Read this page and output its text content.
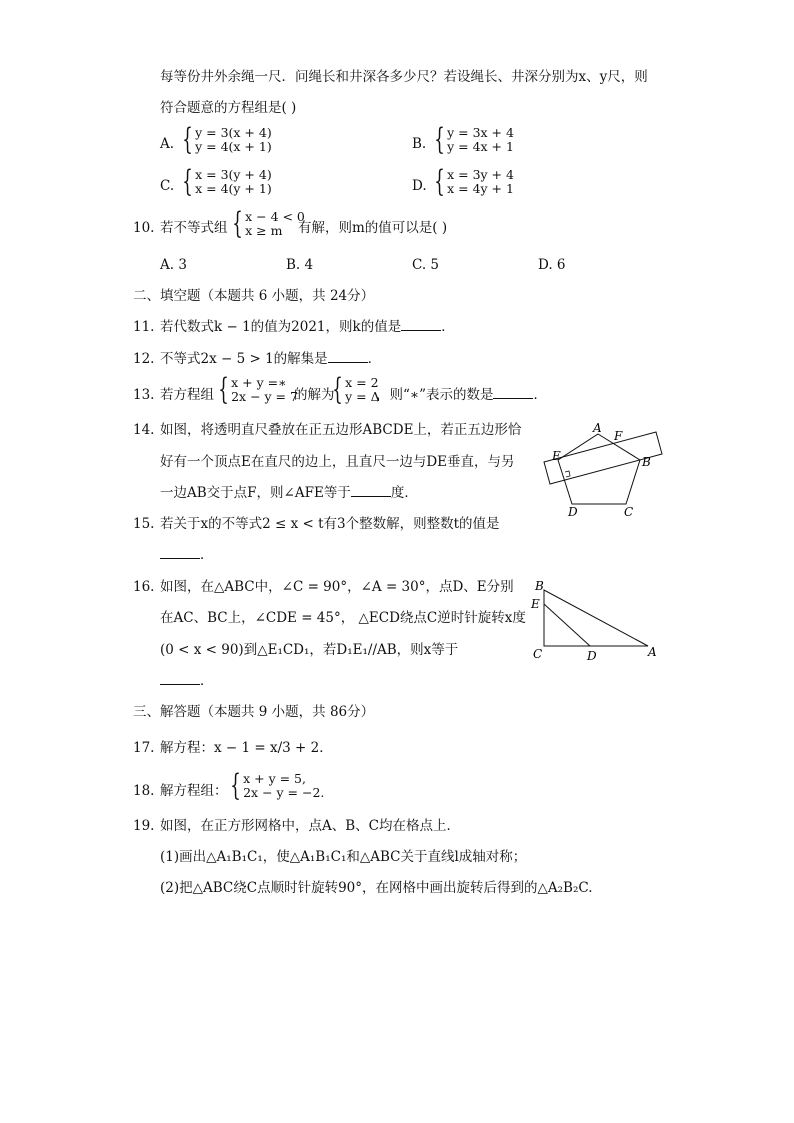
每等份井外余绳一尺．问绳长和井深各多少尺？若设绳长、井深分别为x、y尺，则
符合题意的方程组是( )
A. { y = 3(x + 4)
y = 4(x + 1)	B. { y = 3x + 4
y = 4x + 1
C. { x = 3(y + 4)
x = 4(y + 1)	D. { x = 3y + 4
x = 4y + 1
10. 若不等式组 { x − 4 < 0
x ≥ m	有解，则m的值可以是( )
A. 3	B. 4	C. 5	D. 6
二、填空题（本题共 6 小题，共 24分）
11. 若代数式k − 1的值为2021，则k的值是	．
12. 不等式2x − 5 > 1的解集是	．
13. 若方程组 { x + y =∗
2x − y = 7
的解为
{ x = 2
y = Δ
，则“∗”表示的数是	．
14. 如图，将透明直尺叠放在正五边形ABCDE上，若正五边形恰
好有一个顶点E在直尺的边上，且直尺一边与DE垂直，与另
一边AB交于点F，则∠AFE等于	度．
A
B
C
D
E
F
15. 若关于x的不等式2 ≤ x < t有3个整数解，则整数t的值是
．
16. 如图，在△ABC中，∠C = 90°，∠A = 30°，点D、E分别
在AC、BC上，∠CDE = 45°， △ECD绕点C逆时针旋转x度
(0 < x < 90)到△E₁CD₁，若D₁E₁//AB，则x等于
．
B
E
C	D	A
三、解答题（本题共 9 小题，共 86分）
17. 解方程：x − 1 = x/3 + 2．
18. 解方程组： { x + y = 5,
2x − y = −2.
19. 如图，在正方形网格中，点A、B、C均在格点上．
(1)画出△A₁B₁C₁，使△A₁B₁C₁和△ABC关于直线l成轴对称；
(2)把△ABC绕C点顺时针旋转90°，在网格中画出旋转后得到的△A₂B₂C.
